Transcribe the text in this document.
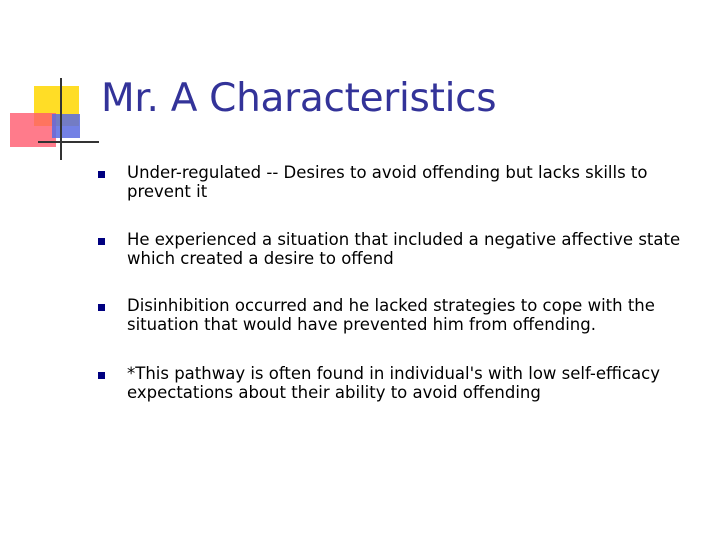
Mr. A Characteristics
Under-regulated -- Desires to avoid offending but lacks skills to prevent it
He experienced a situation that included a negative affective state which created a desire to offend
Disinhibition occurred and he lacked strategies to cope with the situation that would have prevented him from offending.
*This pathway is often found in individual's with low self-efficacy expectations about their ability to avoid offending
